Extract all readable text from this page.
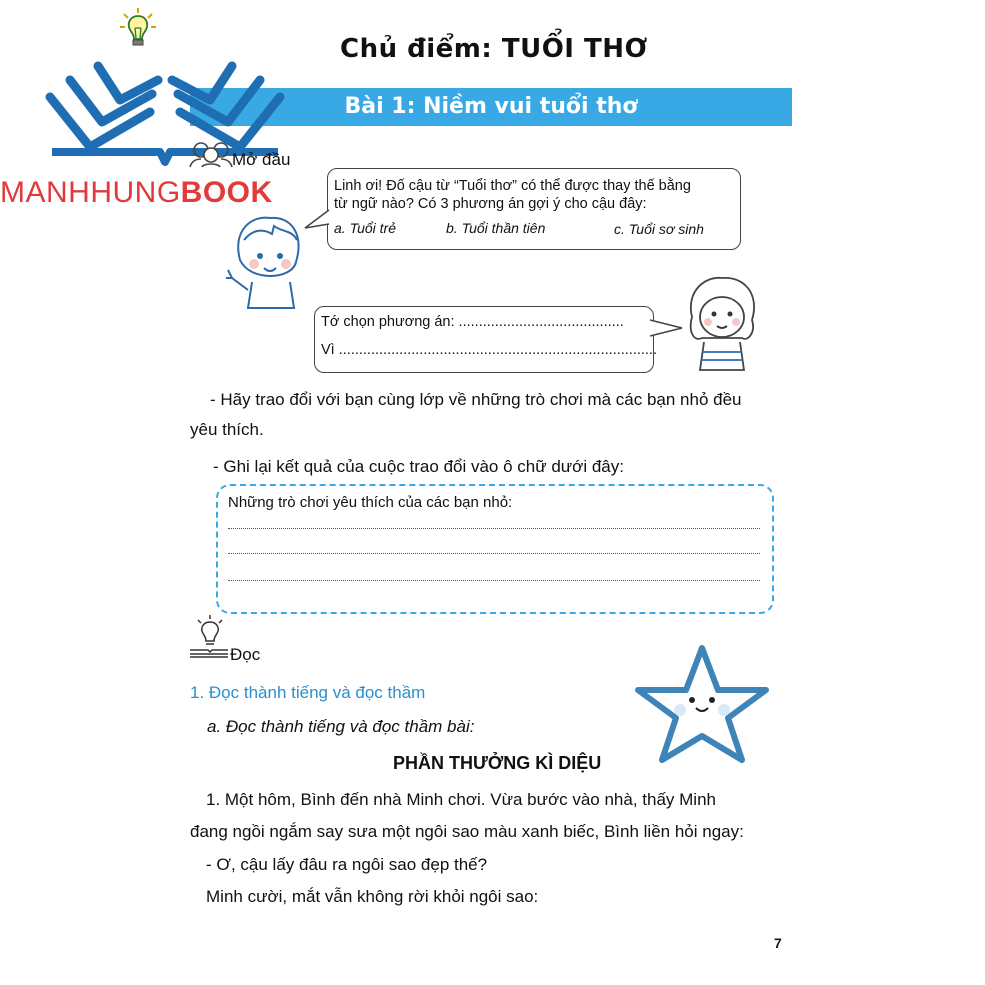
Chủ điểm: TUỔI THƠ
Bài 1: Niềm vui tuổi thơ
MANHHUNGBOOK
Mở đầu
Linh ơi! Đố cậu từ “Tuổi thơ” có thể được thay thế bằng
từ ngữ nào? Có 3 phương án gợi ý cho cậu đây:
a. Tuổi trẻ	b. Tuổi thần tiên	c. Tuổi sơ sinh
Tớ chọn phương án: .........................................
Vì ...............................................................................
- Hãy trao đổi với bạn cùng lớp về những trò chơi mà các bạn nhỏ đều
yêu thích.
- Ghi lại kết quả của cuộc trao đổi vào ô chữ dưới đây:
Những trò chơi yêu thích của các bạn nhỏ:
Đọc
1. Đọc thành tiếng và đọc thầm
a. Đọc thành tiếng và đọc thầm bài:
PHẦN THƯỞNG KÌ DIỆU
1. Một hôm, Bình đến nhà Minh chơi. Vừa bước vào nhà, thấy Minh
đang ngồi ngắm say sưa một ngôi sao màu xanh biếc, Bình liền hỏi ngay:
- Ơ, cậu lấy đâu ra ngôi sao đẹp thế?
Minh cười, mắt vẫn không rời khỏi ngôi sao:
7
